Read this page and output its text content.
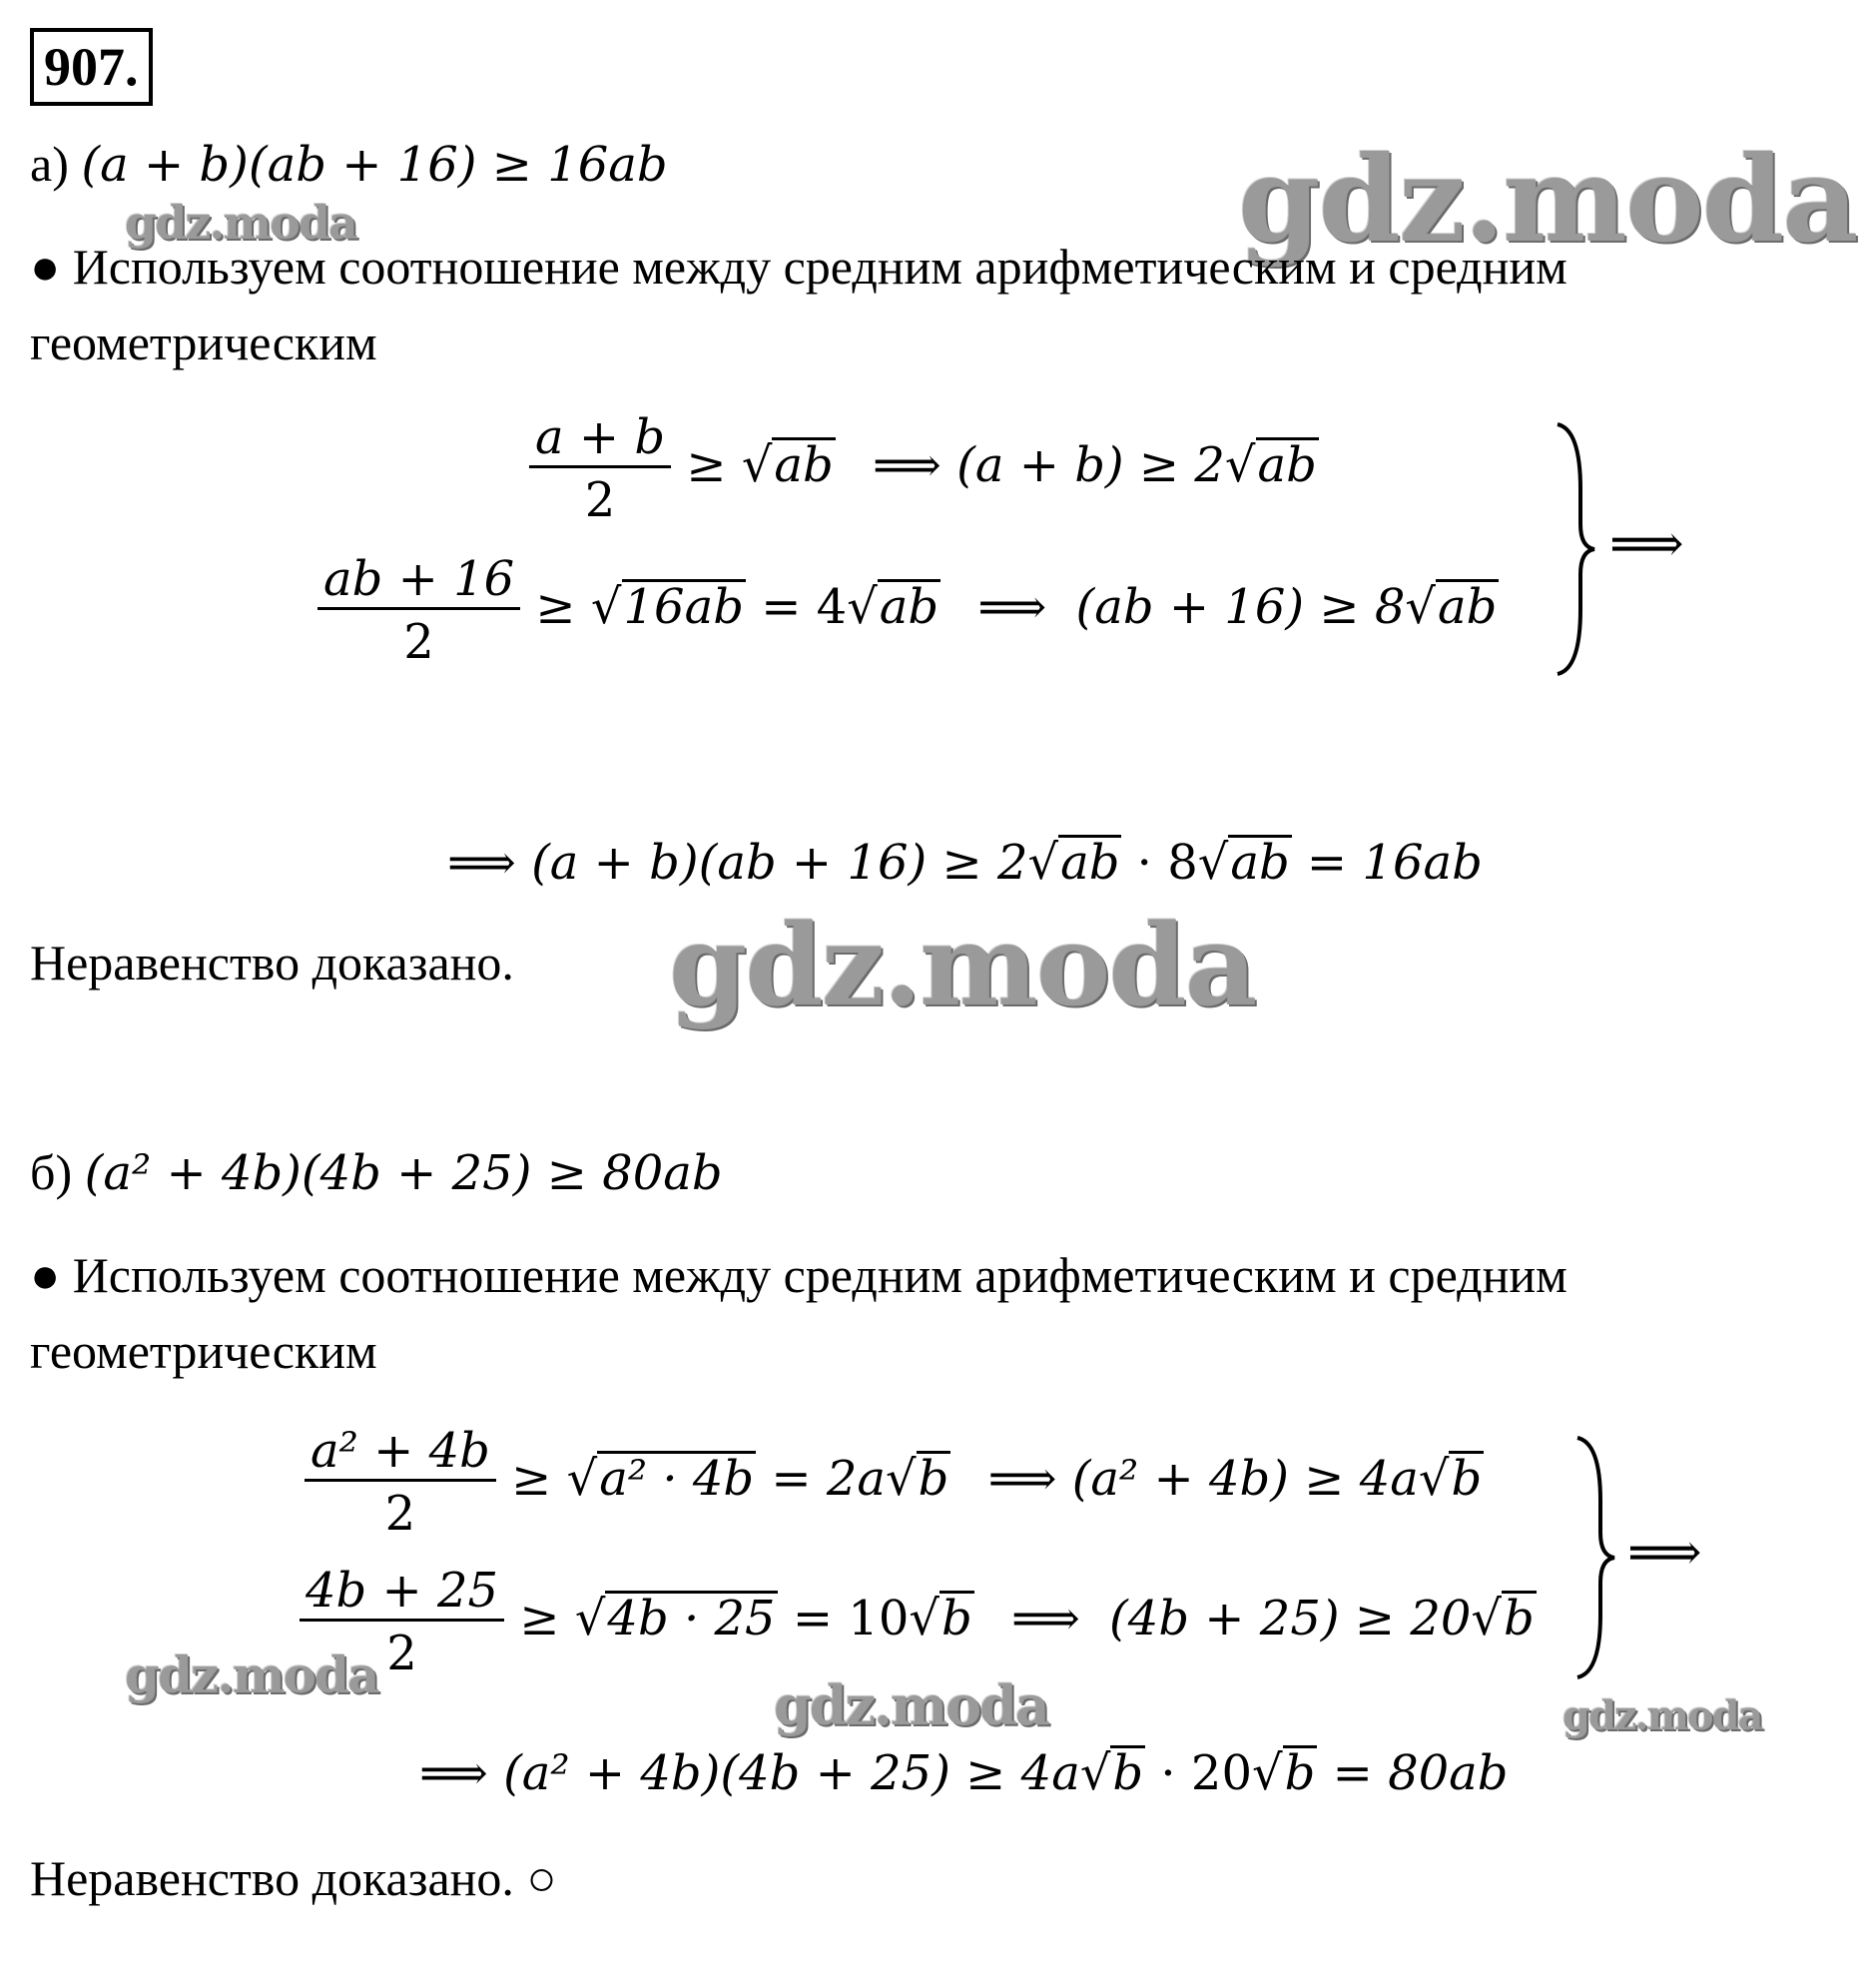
907.
gdz.moda
gdz.moda
gdz.moda
gdz.moda	gdz.moda	gdz.moda
а) (a + b)(ab + 16) ≥ 16ab
● Используем соотношение между средним арифметическим и средним
геометрическим
$\frac{a + b}{2} \ge √ab$ ⟹ (a + b) ≥ 2√ab
$\frac{ab + 16}{2} \ge √16ab = 4√ab$ ⟹ (ab + 16) ≥ 8√ab
⟹
⟹ (a + b)(ab + 16) ≥ 2√ab · 8√ab = 16ab
Неравенство доказано.
б) (a² + 4b)(4b + 25) ≥ 80ab
● Используем соотношение между средним арифметическим и средним
геометрическим
$\frac{\text{a² + 4b}}{2} \ge √a^2 \cdot 4b = 2a√b$ ⟹ (a² + 4b) ≥ 4a√b
$\frac{4b + 25}{2} \ge √4b \cdot 25 = 10√b$ ⟹ (4b + 25) ≥ 20√b
⟹
⟹ (a² + 4b)(4b + 25) ≥ 4a√b · 20√b = 80ab
Неравенство доказано. ○
